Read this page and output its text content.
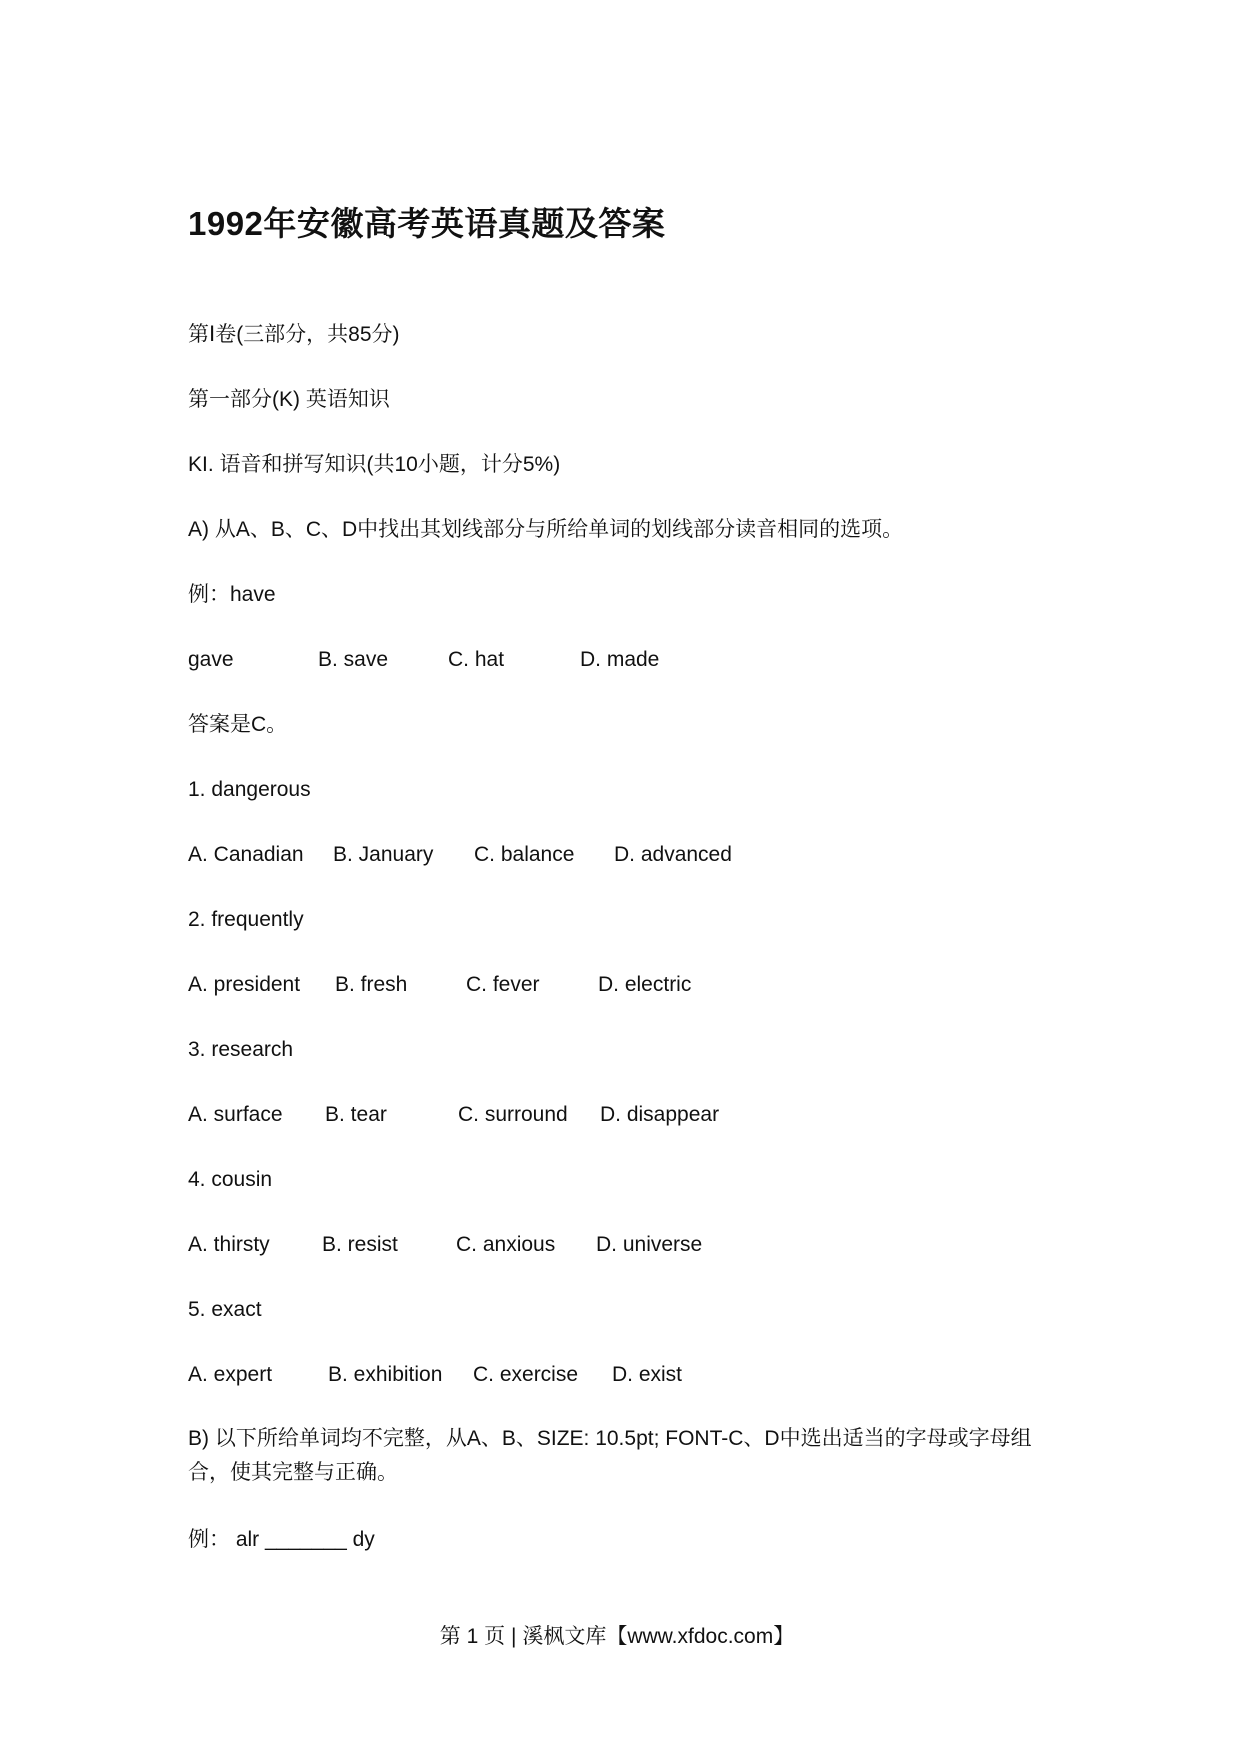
1992年安徽高考英语真题及答案
第Ⅰ卷(三部分，共85分)
第一部分(K) 英语知识
KI. 语音和拼写知识(共10小题，计分5%)
A) 从A、B、C、D中找出其划线部分与所给单词的划线部分读音相同的选项。
例：have
gave	B. save	C. hat	D. made
答案是C。
1. dangerous
A. Canadian B. January C. balance D. advanced
2. frequently
A. president B. fresh	C. fever	D. electric
3. research
A. surface B. tear	C. surround D. disappear
4. cousin
A. thirsty B. resist	C. anxious D. universe
5. exact
A. expert	B. exhibition C. exercise D. exist
B) 以下所给单词均不完整，从A、B、SIZE: 10.5pt; FONT-C、D中选出适当的字母或字母组合，使其完整与正确。
例： alr _______ dy
第 1 页 | 溪枫文库【www.xfdoc.com】
